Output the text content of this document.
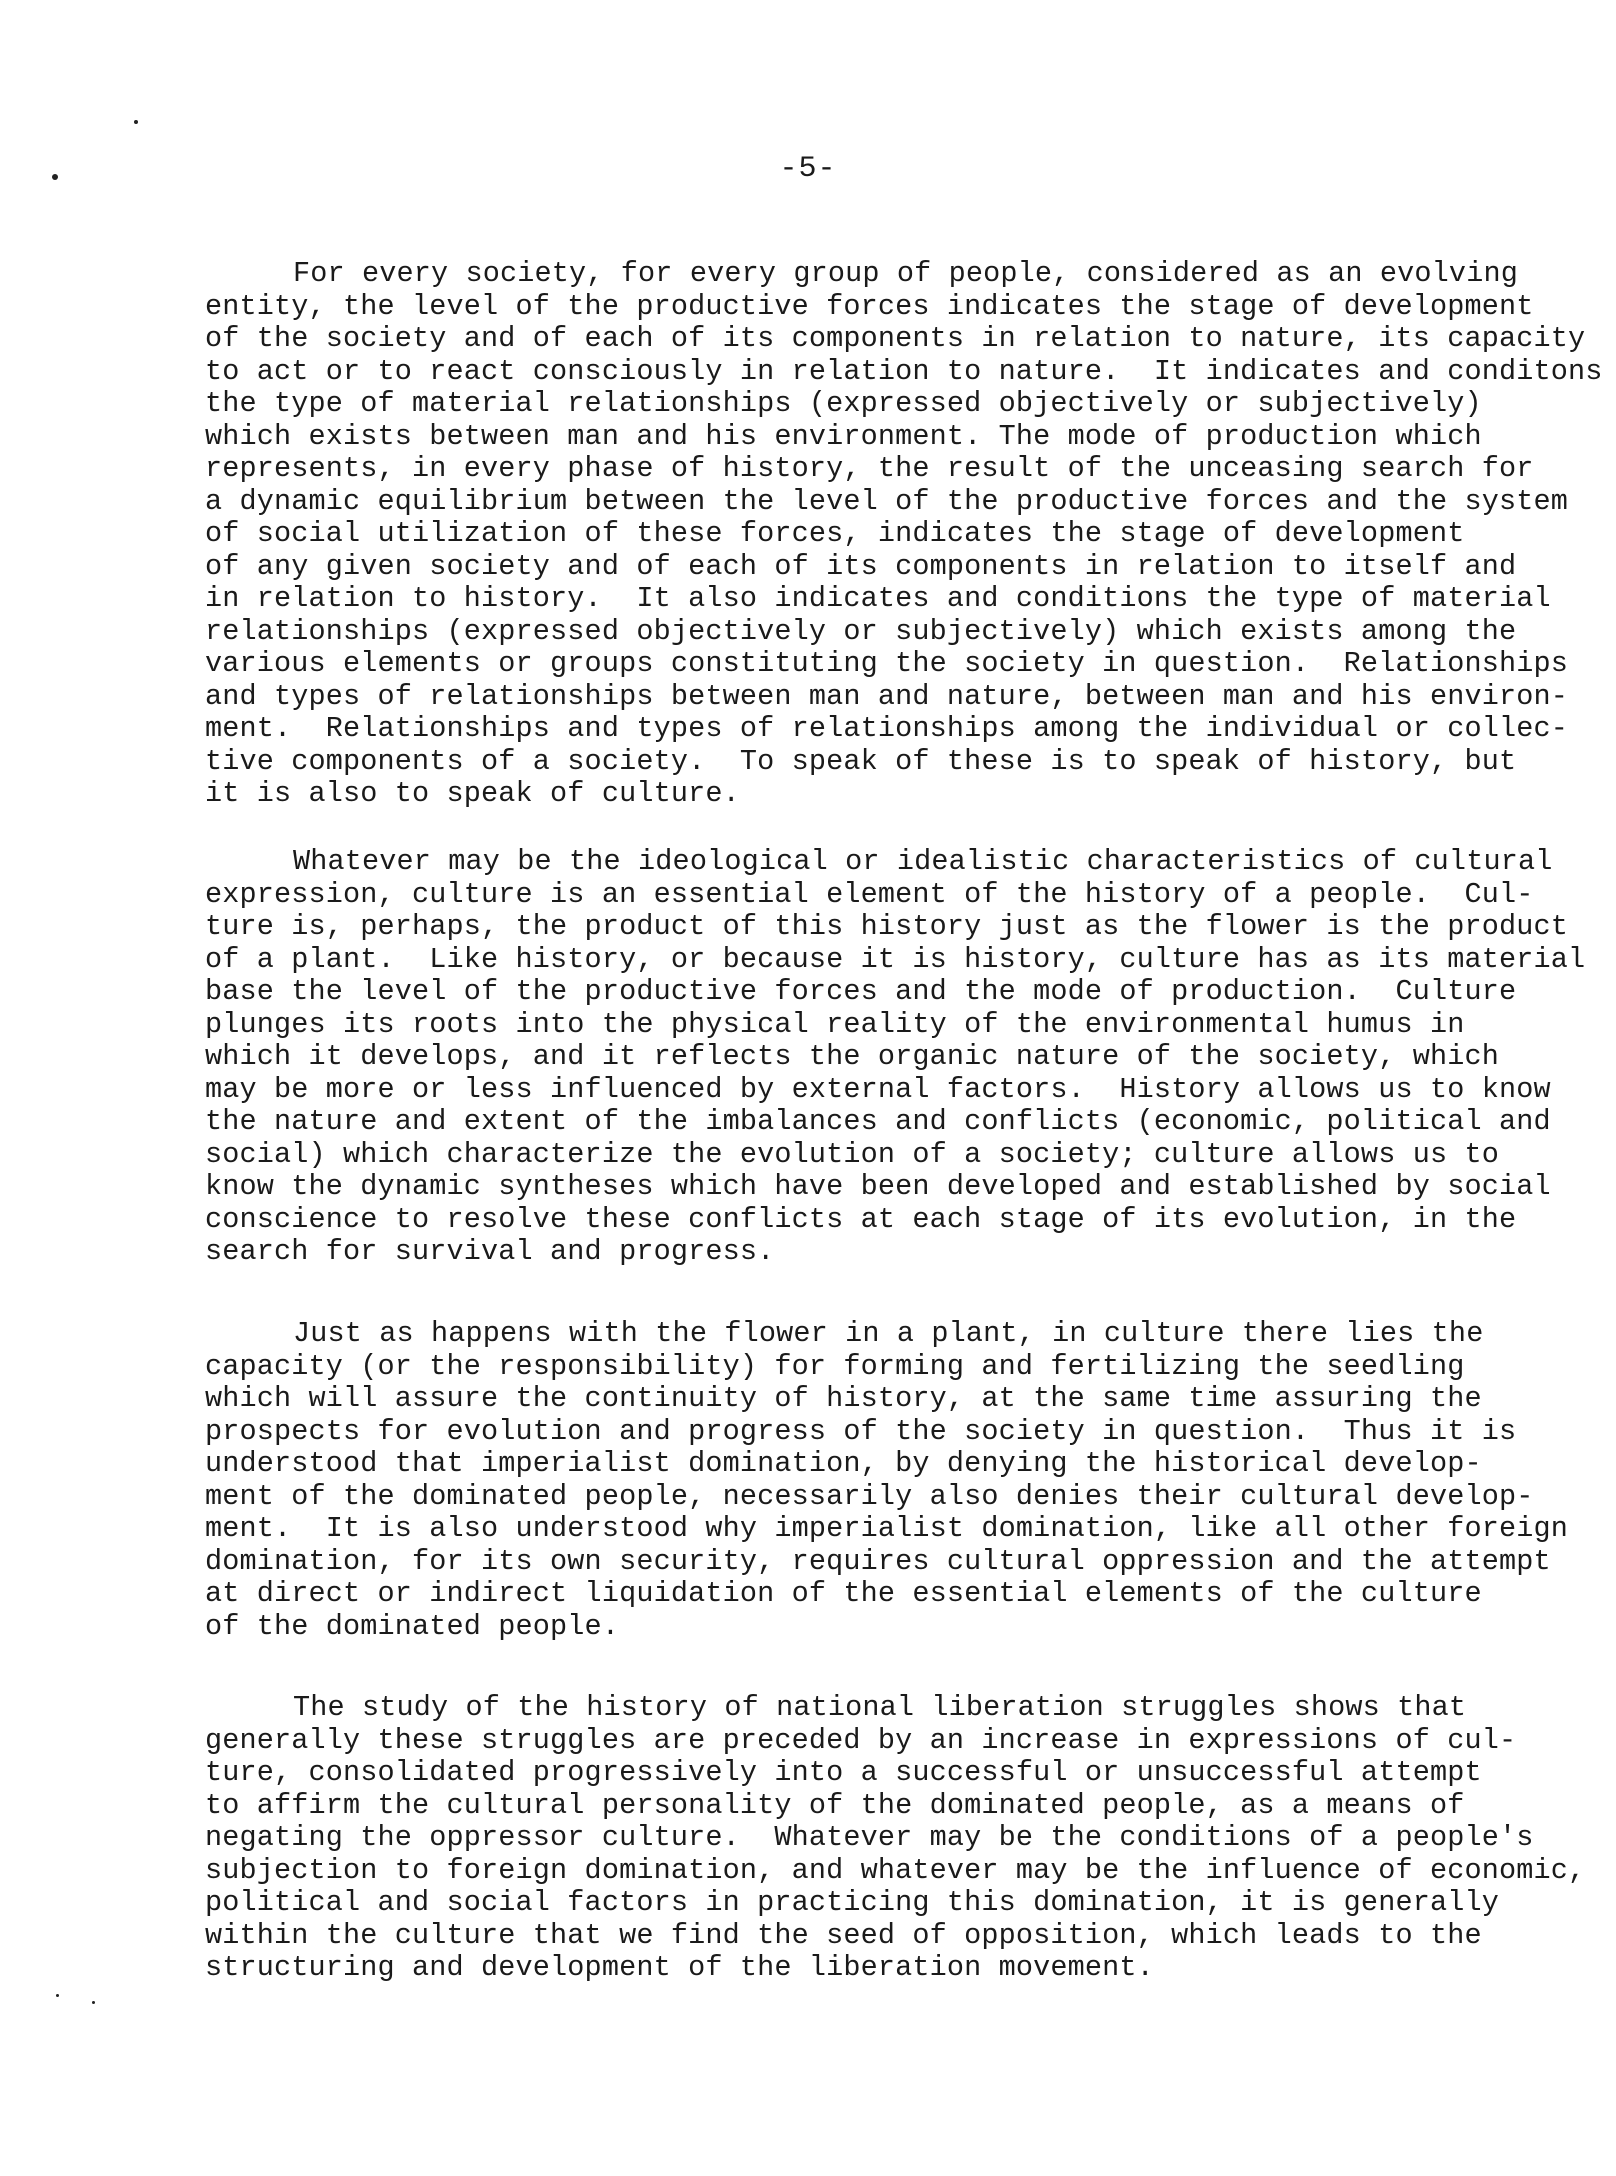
-5-
For every society, for every group of people, considered as an evolving
entity, the level of the productive forces indicates the stage of development
of the society and of each of its components in relation to nature, its capacity
to act or to react consciously in relation to nature.  It indicates and conditons
the type of material relationships (expressed objectively or subjectively)
which exists between man and his environment. The mode of production which
represents, in every phase of history, the result of the unceasing search for
a dynamic equilibrium between the level of the productive forces and the system
of social utilization of these forces, indicates the stage of development
of any given society and of each of its components in relation to itself and
in relation to history.  It also indicates and conditions the type of material
relationships (expressed objectively or subjectively) which exists among the
various elements or groups constituting the society in question.  Relationships
and types of relationships between man and nature, between man and his environ-
ment.  Relationships and types of relationships among the individual or collec-
tive components of a society.  To speak of these is to speak of history, but
it is also to speak of culture.
Whatever may be the ideological or idealistic characteristics of cultural
expression, culture is an essential element of the history of a people.  Cul-
ture is, perhaps, the product of this history just as the flower is the product
of a plant.  Like history, or because it is history, culture has as its material
base the level of the productive forces and the mode of production.  Culture
plunges its roots into the physical reality of the environmental humus in
which it develops, and it reflects the organic nature of the society, which
may be more or less influenced by external factors.  History allows us to know
the nature and extent of the imbalances and conflicts (economic, political and
social) which characterize the evolution of a society; culture allows us to
know the dynamic syntheses which have been developed and established by social
conscience to resolve these conflicts at each stage of its evolution, in the
search for survival and progress.
Just as happens with the flower in a plant, in culture there lies the
capacity (or the responsibility) for forming and fertilizing the seedling
which will assure the continuity of history, at the same time assuring the
prospects for evolution and progress of the society in question.  Thus it is
understood that imperialist domination, by denying the historical develop-
ment of the dominated people, necessarily also denies their cultural develop-
ment.  It is also understood why imperialist domination, like all other foreign
domination, for its own security, requires cultural oppression and the attempt
at direct or indirect liquidation of the essential elements of the culture
of the dominated people.
The study of the history of national liberation struggles shows that
generally these struggles are preceded by an increase in expressions of cul-
ture, consolidated progressively into a successful or unsuccessful attempt
to affirm the cultural personality of the dominated people, as a means of
negating the oppressor culture.  Whatever may be the conditions of a people's
subjection to foreign domination, and whatever may be the influence of economic,
political and social factors in practicing this domination, it is generally
within the culture that we find the seed of opposition, which leads to the
structuring and development of the liberation movement.
